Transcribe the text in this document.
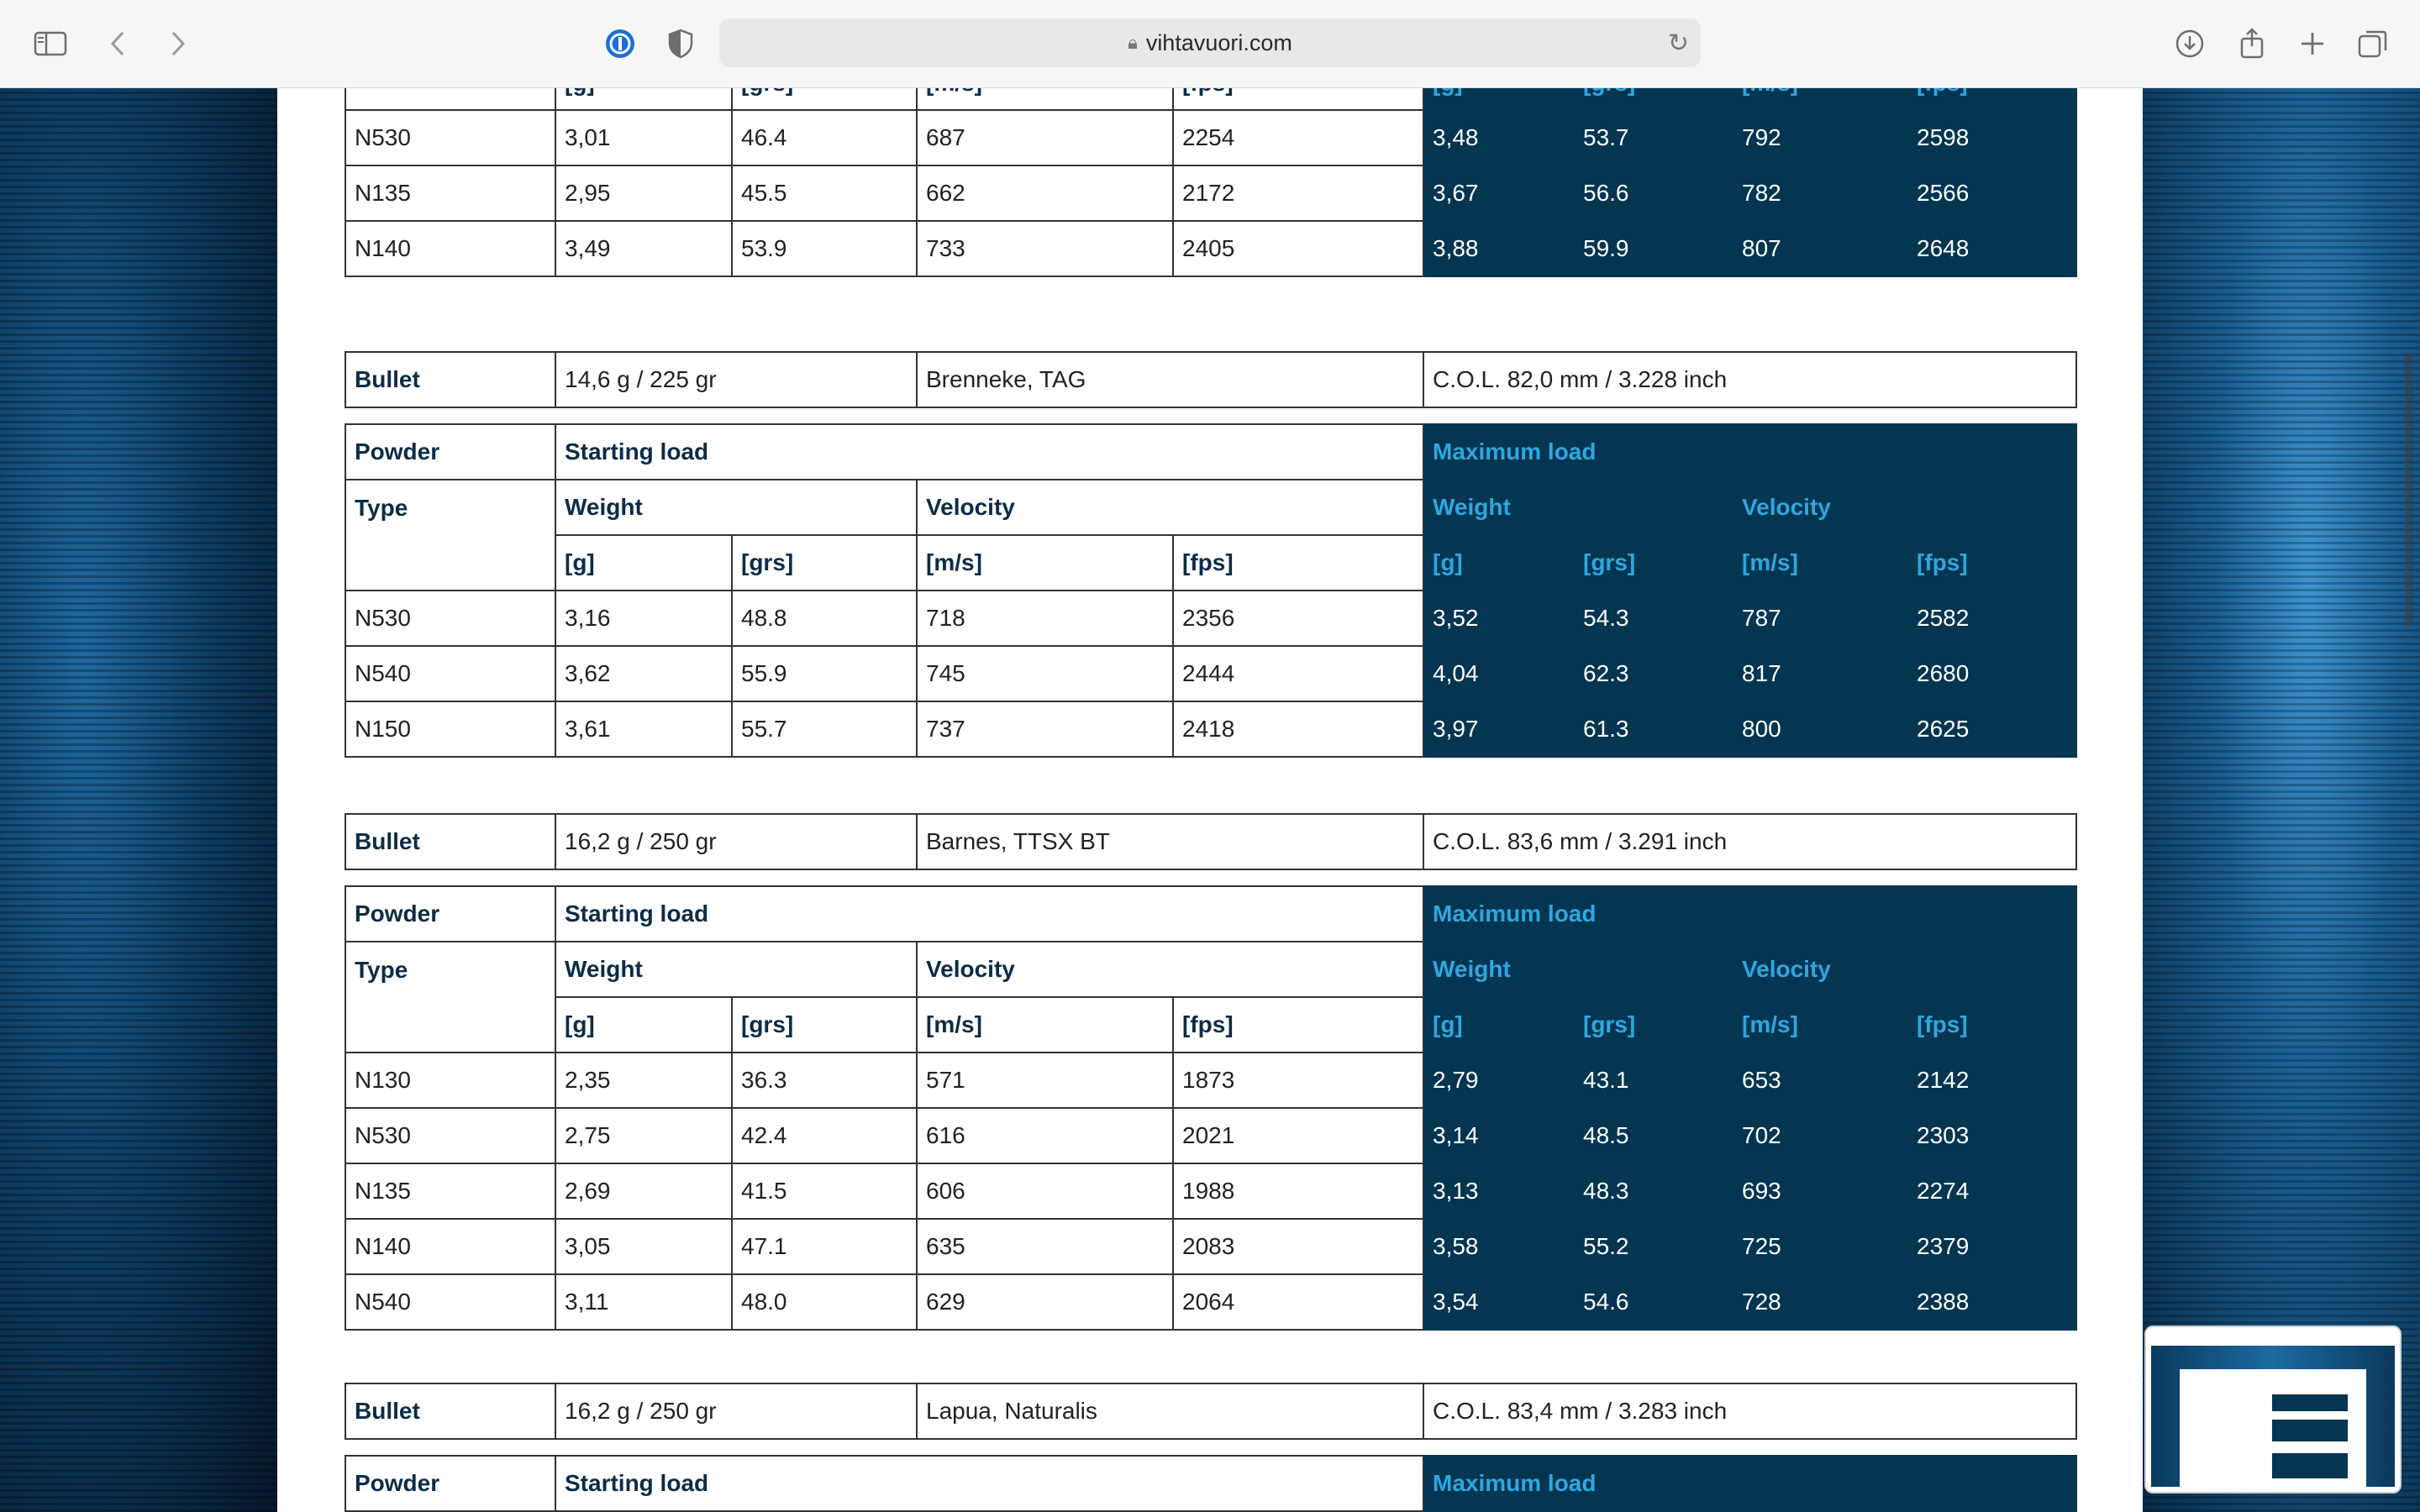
🔒︎ vihtavuori.com	↻

N530	3,01	46.4	687	2254	3,48	53.7	792	2598
N135	2,95	45.5	662	2172	3,67	56.6	782	2566
N140	3,49	53.9	733	2405	3,88	59.9	807	2648
Bullet	14,6 g / 225 gr	Brenneke, TAG	C.O.L. 82,0 mm / 3.228 inch
Powder	Starting load				Maximum load			
Type	Weight		Velocity		Weight		Velocity	
	[g]	[grs]	[m/s]	[fps]	[g]	[grs]	[m/s]	[fps]
N530	3,16	48.8	718	2356	3,52	54.3	787	2582
N540	3,62	55.9	745	2444	4,04	62.3	817	2680
N150	3,61	55.7	737	2418	3,97	61.3	800	2625
Bullet	16,2 g / 250 gr	Barnes, TTSX BT	C.O.L. 83,6 mm / 3.291 inch
Powder	Starting load				Maximum load			
Type	Weight		Velocity		Weight		Velocity	
	[g]	[grs]	[m/s]	[fps]	[g]	[grs]	[m/s]	[fps]
N130	2,35	36.3	571	1873	2,79	43.1	653	2142
N530	2,75	42.4	616	2021	3,14	48.5	702	2303
N135	2,69	41.5	606	1988	3,13	48.3	693	2274
N140	3,05	47.1	635	2083	3,58	55.2	725	2379
N540	3,11	48.0	629	2064	3,54	54.6	728	2388
Bullet	16,2 g / 250 gr	Lapua, Naturalis	C.O.L. 83,4 mm / 3.283 inch
Powder	Starting load	Maximum load
